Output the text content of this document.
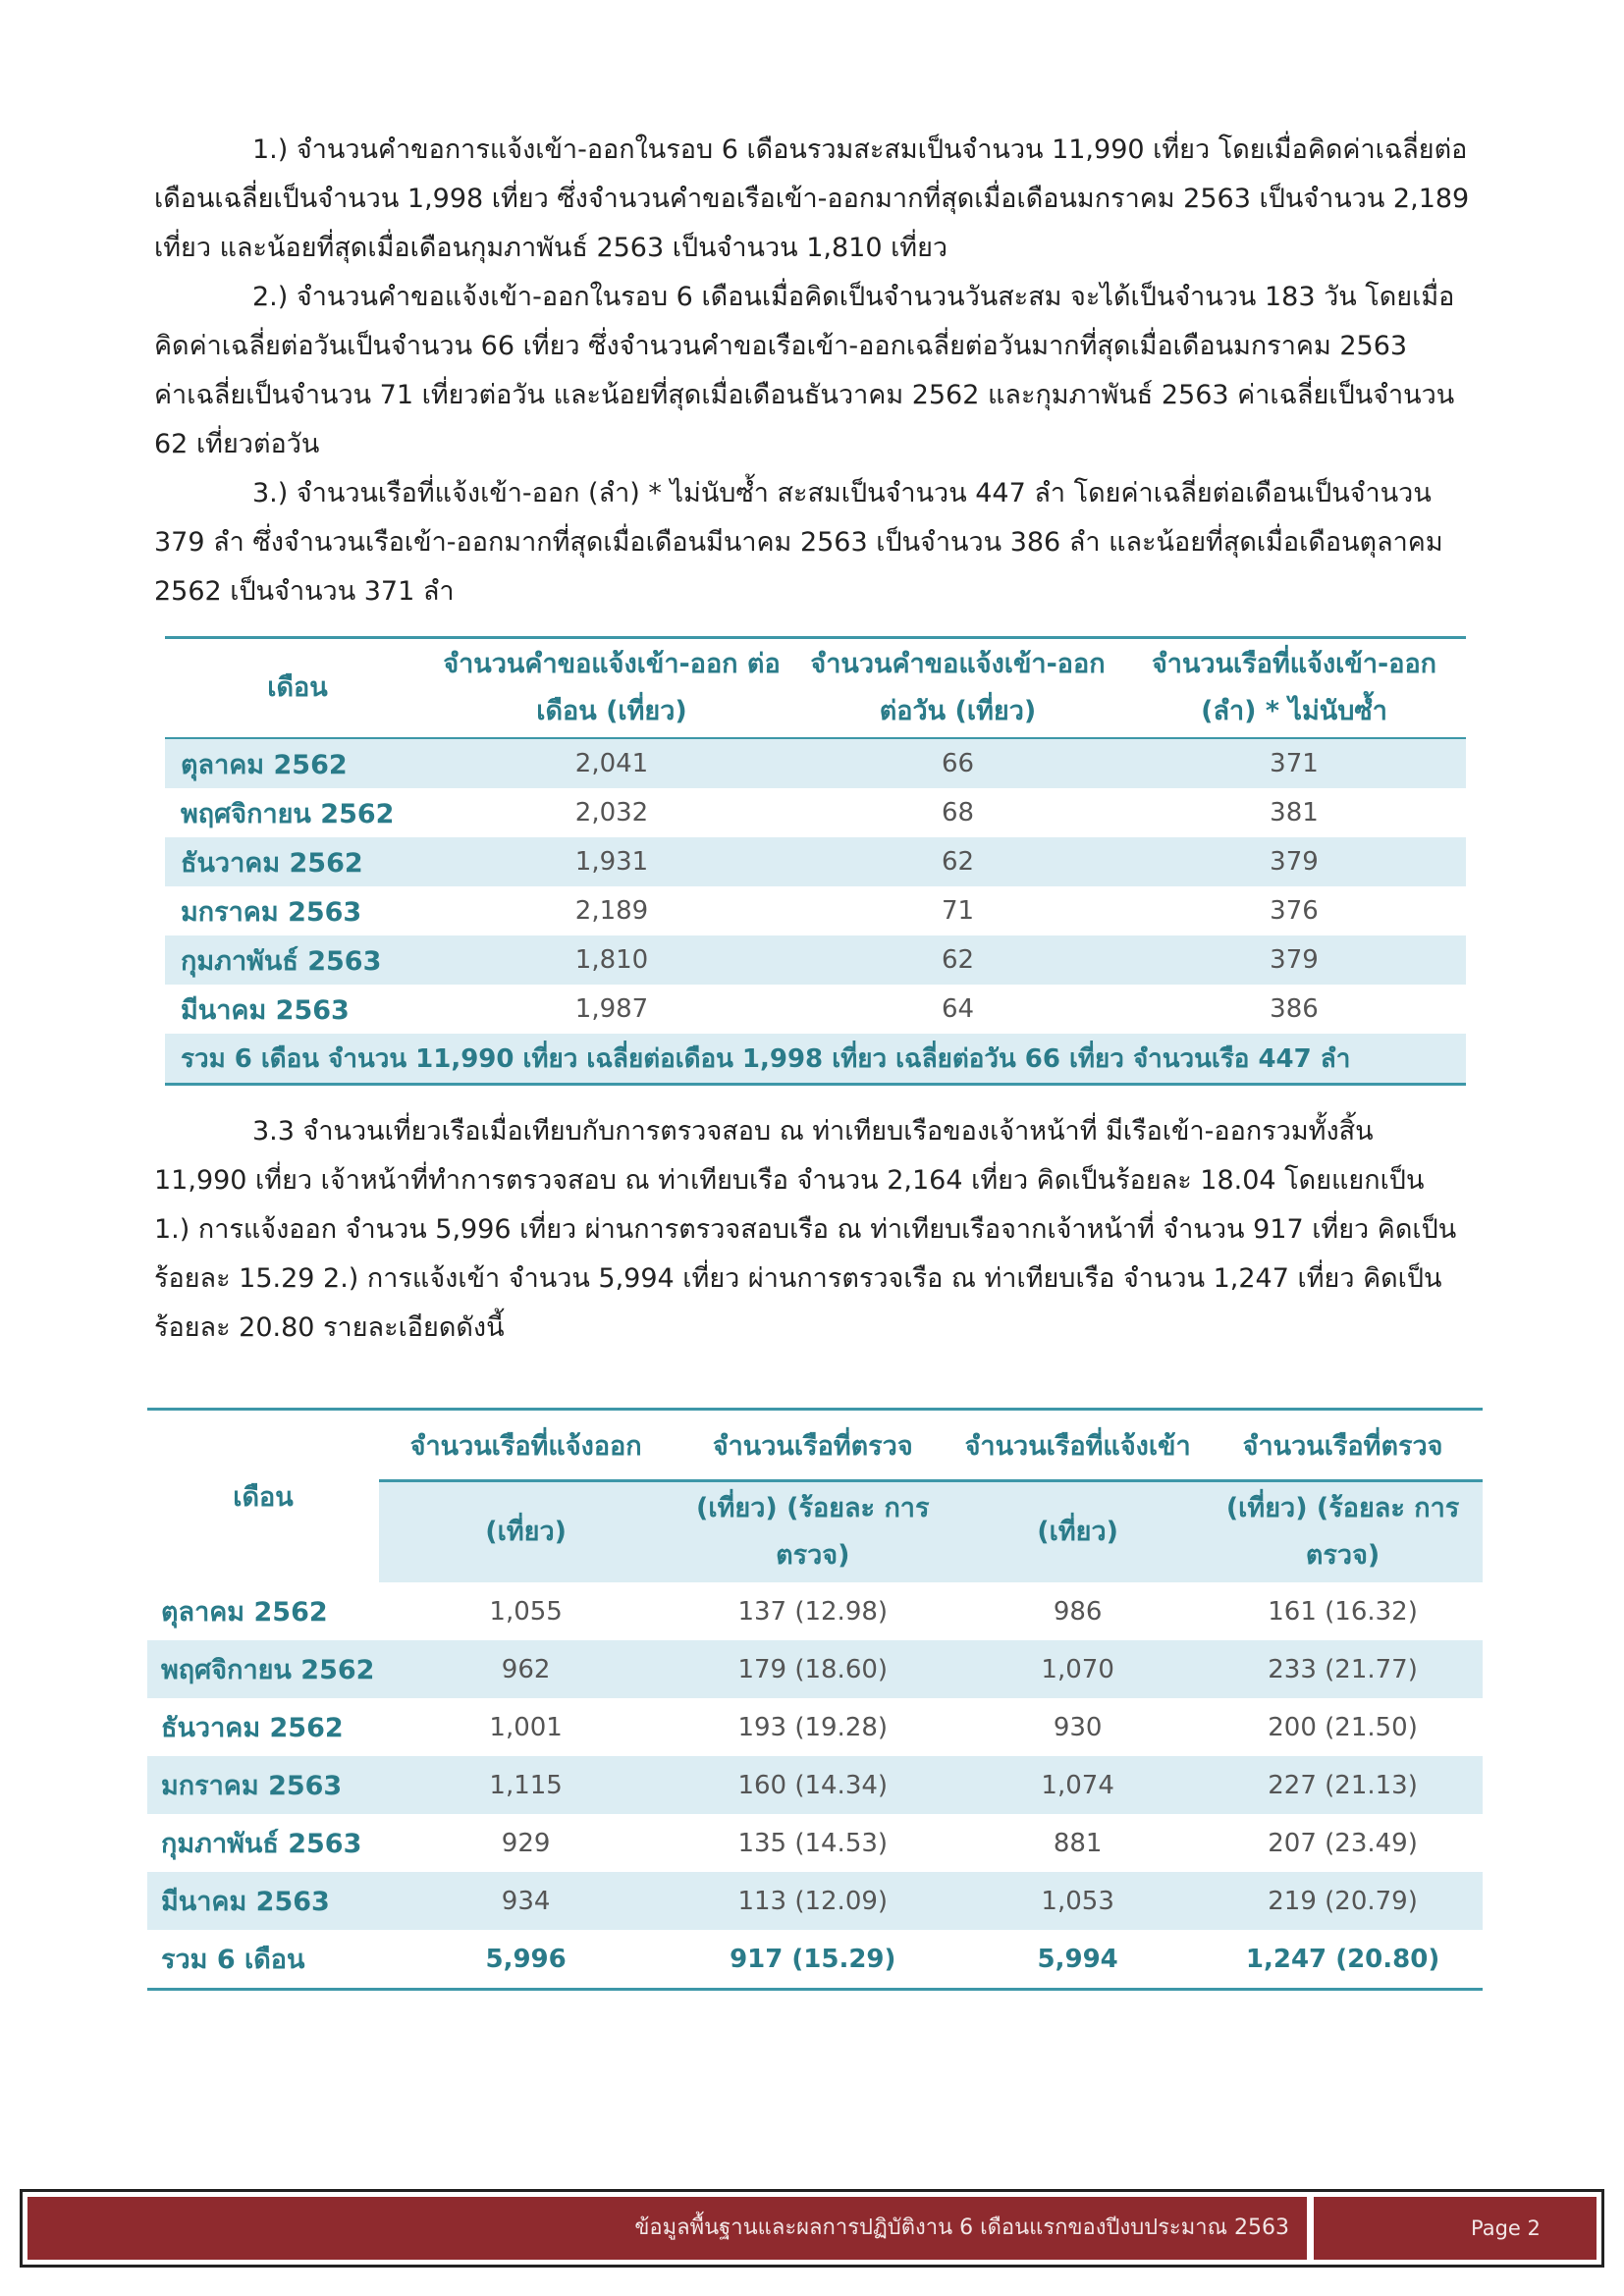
1.) จำนวนคำขอการแจ้งเข้า-ออกในรอบ 6 เดือนรวมสะสมเป็นจำนวน 11,990 เที่ยว โดยเมื่อคิดค่าเฉลี่ยต่อ
เดือนเฉลี่ยเป็นจำนวน 1,998 เที่ยว ซึ่งจำนวนคำขอเรือเข้า-ออกมากที่สุดเมื่อเดือนมกราคม 2563 เป็นจำนวน 2,189
เที่ยว และน้อยที่สุดเมื่อเดือนกุมภาพันธ์ 2563 เป็นจำนวน 1,810 เที่ยว
2.) จำนวนคำขอแจ้งเข้า-ออกในรอบ 6 เดือนเมื่อคิดเป็นจำนวนวันสะสม จะได้เป็นจำนวน 183 วัน โดยเมื่อ
คิดค่าเฉลี่ยต่อวันเป็นจำนวน 66 เที่ยว ซึ่งจำนวนคำขอเรือเข้า-ออกเฉลี่ยต่อวันมากที่สุดเมื่อเดือนมกราคม 2563
ค่าเฉลี่ยเป็นจำนวน 71 เที่ยวต่อวัน และน้อยที่สุดเมื่อเดือนธันวาคม 2562 และกุมภาพันธ์ 2563 ค่าเฉลี่ยเป็นจำนวน
62 เที่ยวต่อวัน
3.) จำนวนเรือที่แจ้งเข้า-ออก (ลำ) * ไม่นับซ้ำ สะสมเป็นจำนวน 447 ลำ โดยค่าเฉลี่ยต่อเดือนเป็นจำนวน
379 ลำ ซึ่งจำนวนเรือเข้า-ออกมากที่สุดเมื่อเดือนมีนาคม 2563 เป็นจำนวน 386 ลำ และน้อยที่สุดเมื่อเดือนตุลาคม
2562 เป็นจำนวน 371 ลำ
เดือน	จำนวนคำขอแจ้งเข้า-ออก ต่อเดือน (เที่ยว)	จำนวนคำขอแจ้งเข้า-ออก ต่อวัน (เที่ยว)	จำนวนเรือที่แจ้งเข้า-ออก (ลำ) * ไม่นับซ้ำ
ตุลาคม 2562	2,041	66	371
พฤศจิกายน 2562	2,032	68	381
ธันวาคม 2562	1,931	62	379
มกราคม 2563	2,189	71	376
กุมภาพันธ์ 2563	1,810	62	379
มีนาคม 2563	1,987	64	386
รวม 6 เดือน จำนวน 11,990 เที่ยว เฉลี่ยต่อเดือน 1,998 เที่ยว เฉลี่ยต่อวัน 66 เที่ยว จำนวนเรือ 447 ลำ			
3.3 จำนวนเที่ยวเรือเมื่อเทียบกับการตรวจสอบ ณ ท่าเทียบเรือของเจ้าหน้าที่ มีเรือเข้า-ออกรวมทั้งสิ้น
11,990 เที่ยว เจ้าหน้าที่ทำการตรวจสอบ ณ ท่าเทียบเรือ จำนวน 2,164 เที่ยว คิดเป็นร้อยละ 18.04 โดยแยกเป็น
1.) การแจ้งออก จำนวน 5,996 เที่ยว ผ่านการตรวจสอบเรือ ณ ท่าเทียบเรือจากเจ้าหน้าที่ จำนวน 917 เที่ยว คิดเป็น
ร้อยละ 15.29 2.) การแจ้งเข้า จำนวน 5,994 เที่ยว ผ่านการตรวจเรือ ณ ท่าเทียบเรือ จำนวน 1,247 เที่ยว คิดเป็น
ร้อยละ 20.80 รายละเอียดดังนี้
เดือน	จำนวนเรือที่แจ้งออก	จำนวนเรือที่ตรวจ	จำนวนเรือที่แจ้งเข้า	จำนวนเรือที่ตรวจ
	(เที่ยว)	(เที่ยว) (ร้อยละ การตรวจ)	(เที่ยว)	(เที่ยว) (ร้อยละ การตรวจ)
ตุลาคม 2562	1,055	137 (12.98)	986	161 (16.32)
พฤศจิกายน 2562	962	179 (18.60)	1,070	233 (21.77)
ธันวาคม 2562	1,001	193 (19.28)	930	200 (21.50)
มกราคม 2563	1,115	160 (14.34)	1,074	227 (21.13)
กุมภาพันธ์ 2563	929	135 (14.53)	881	207 (23.49)
มีนาคม 2563	934	113 (12.09)	1,053	219 (20.79)
รวม 6 เดือน	5,996	917 (15.29)	5,994	1,247 (20.80)
ข้อมูลพื้นฐานและผลการปฏิบัติงาน 6 เดือนแรกของปีงบประมาณ 2563	Page 2
